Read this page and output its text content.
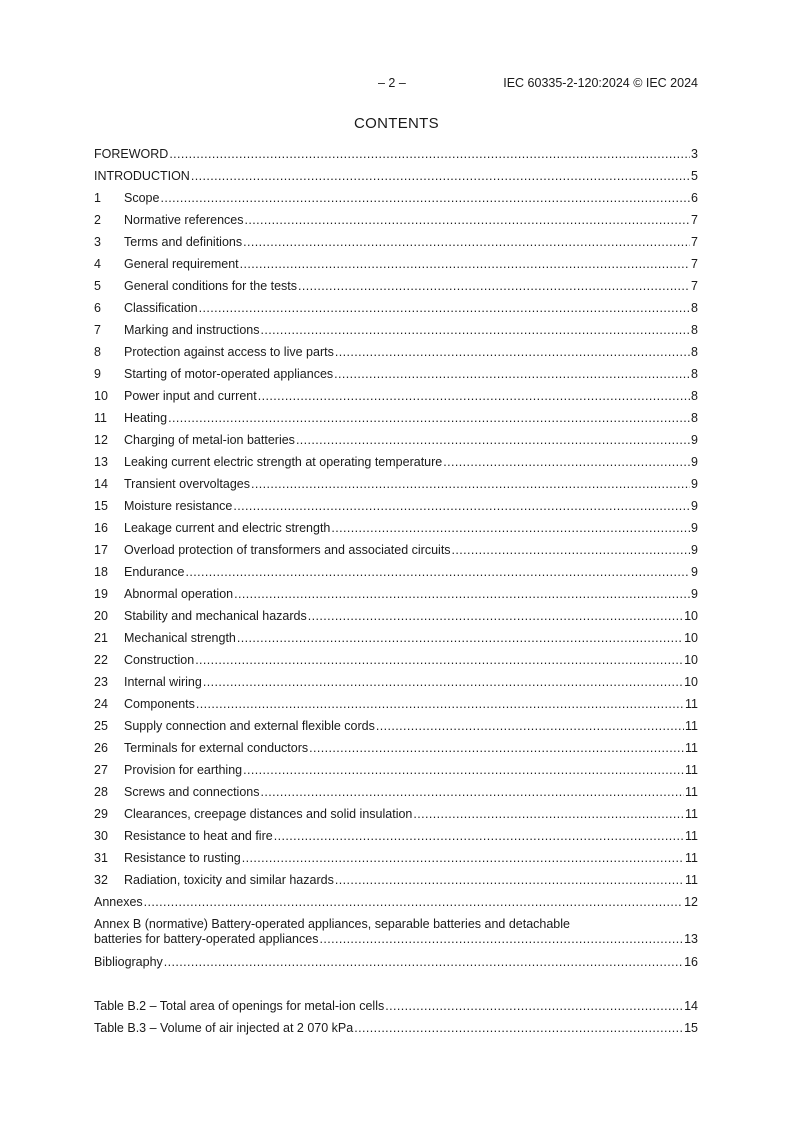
– 2 –	IEC 60335-2-120:2024 © IEC 2024
CONTENTS
FOREWORD .....	3
INTRODUCTION .....	5
1	Scope .....	6
2	Normative references .....	7
3	Terms and definitions .....	7
4	General requirement .....	7
5	General conditions for the tests .....	7
6	Classification .....	8
7	Marking and instructions .....	8
8	Protection against access to live parts .....	8
9	Starting of motor-operated appliances .....	8
10	Power input and current .....	8
11	Heating .....	8
12	Charging of metal-ion batteries .....	9
13	Leaking current electric strength at operating temperature .....	9
14	Transient overvoltages .....	9
15	Moisture resistance .....	9
16	Leakage current and electric strength .....	9
17	Overload protection of transformers and associated circuits .....	9
18	Endurance .....	9
19	Abnormal operation .....	9
20	Stability and mechanical hazards .....	10
21	Mechanical strength .....	10
22	Construction .....	10
23	Internal wiring .....	10
24	Components .....	11
25	Supply connection and external flexible cords .....	11
26	Terminals for external conductors .....	11
27	Provision for earthing .....	11
28	Screws and connections .....	11
29	Clearances, creepage distances and solid insulation .....	11
30	Resistance to heat and fire .....	11
31	Resistance to rusting .....	11
32	Radiation, toxicity and similar hazards .....	11
Annexes .....	12
Annex B (normative) Battery-operated appliances, separable batteries and detachable
batteries for battery-operated appliances .....	13
Bibliography .....	16
Table B.2 – Total area of openings for metal-ion cells .....	14
Table B.3 – Volume of air injected at 2 070 kPa .....	15
